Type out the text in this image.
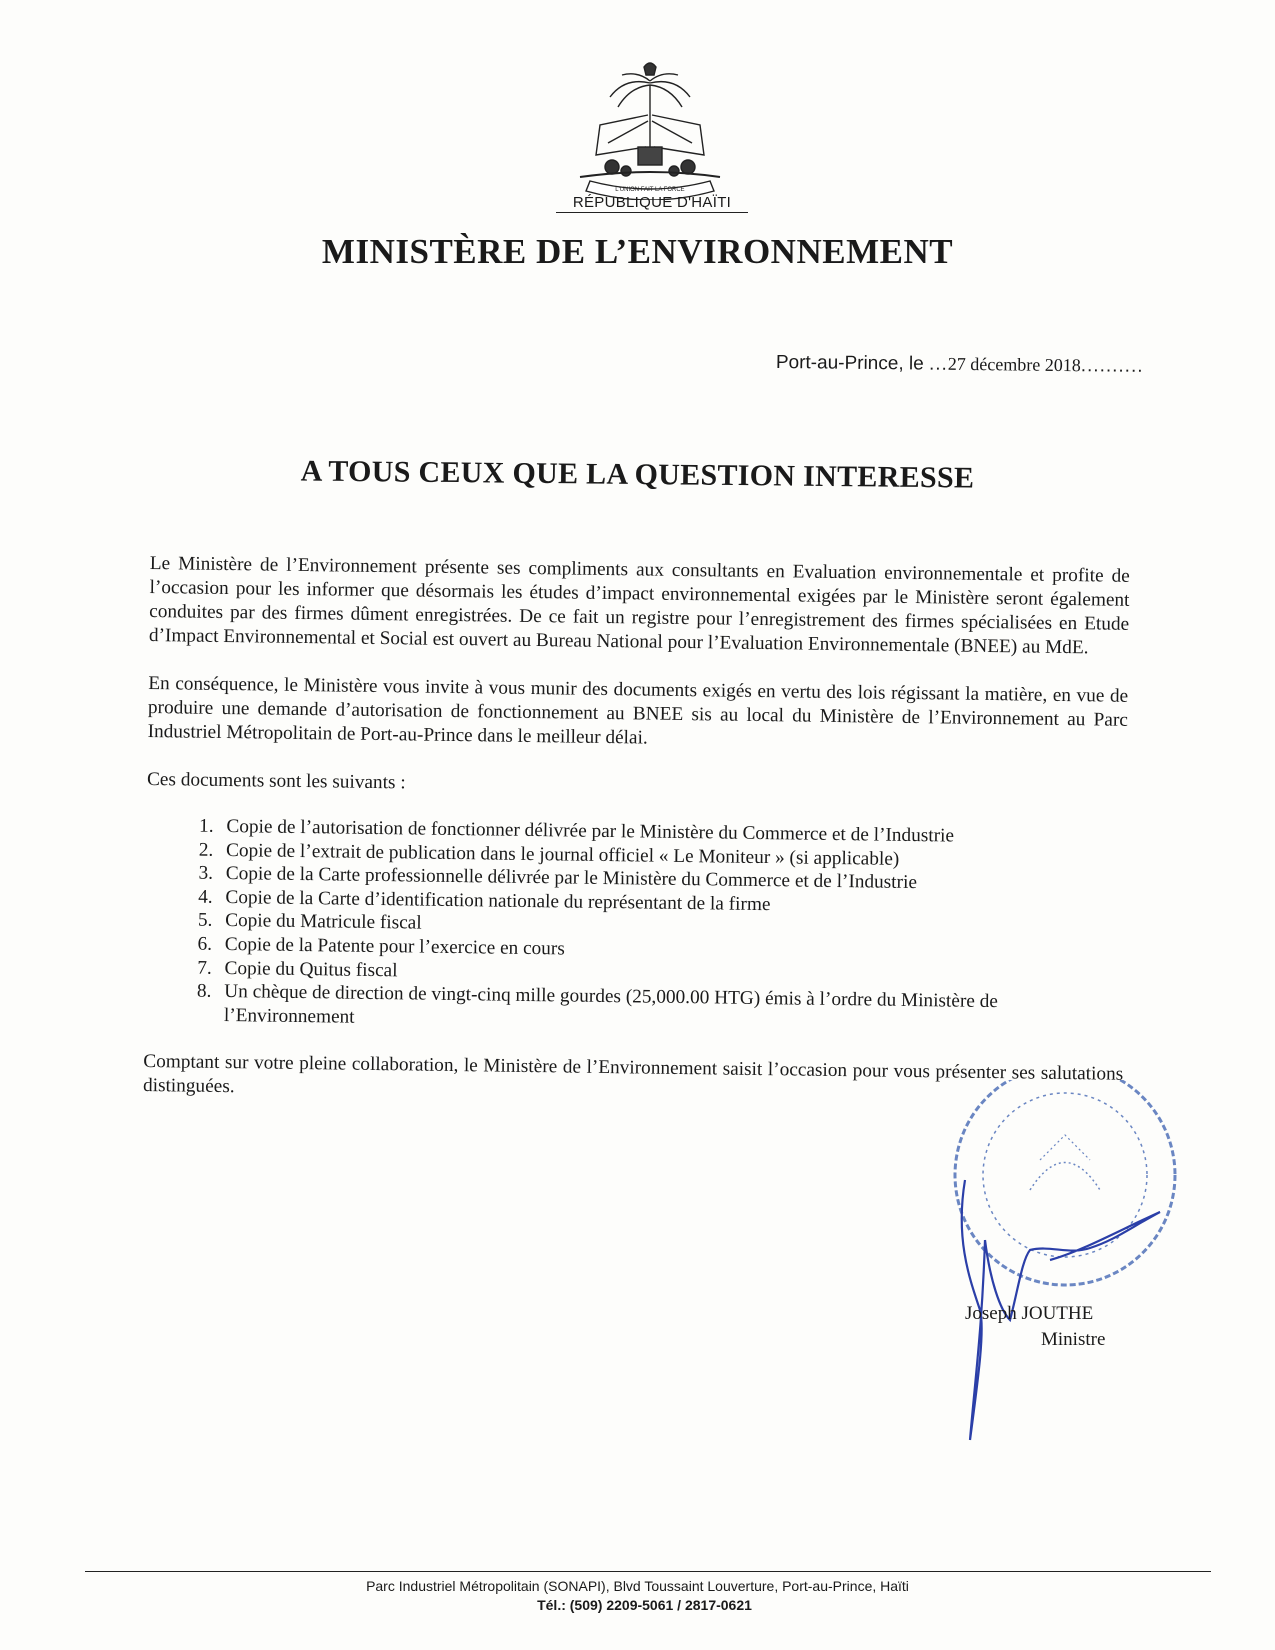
L'UNION FAIT LA FORCE
RÉPUBLIQUE D'HAÏTI
MINISTÈRE DE L’ENVIRONNEMENT
Port-au-Prince, le ...27 décembre 2018..........
A TOUS CEUX QUE LA QUESTION INTERESSE

Le Ministère de l’Environnement présente ses compliments aux consultants en Evaluation environnementale et profite de l’occasion pour les informer que désormais les études d’impact environnemental exigées par le Ministère seront également conduites par des firmes dûment enregistrées. De ce fait un registre pour l’enregistrement des firmes spécialisées en Etude d’Impact Environnemental et Social est ouvert au Bureau National pour l’Evaluation Environnementale (BNEE) au MdE.

En conséquence, le Ministère vous invite à vous munir des documents exigés en vertu des lois régissant la matière, en vue de produire une demande d’autorisation de fonctionnement au BNEE sis au local du Ministère de l’Environnement au Parc Industriel Métropolitain de Port-au-Prince dans le meilleur délai.

Ces documents sont les suivants :

1. Copie de l’autorisation de fonctionner délivrée par le Ministère du Commerce et de l’Industrie
2. Copie de l’extrait de publication dans le journal officiel « Le Moniteur » (si applicable)
3. Copie de la Carte professionnelle délivrée par le Ministère du Commerce et de l’Industrie
4. Copie de la Carte d’identification nationale du représentant de la firme
5. Copie du Matricule fiscal
6. Copie de la Patente pour l’exercice en cours
7. Copie du Quitus fiscal
8. Un chèque de direction de vingt-cinq mille gourdes (25,000.00 HTG) émis à l’ordre du Ministère de l’Environnement

Comptant sur votre pleine collaboration, le Ministère de l’Environnement saisit l’occasion pour vous présenter ses salutations distinguées.

Joseph JOUTHE
Ministre
Parc Industriel Métropolitain (SONAPI), Blvd Toussaint Louverture, Port-au-Prince, Haïti
Tél.: (509) 2209-5061 / 2817-0621
